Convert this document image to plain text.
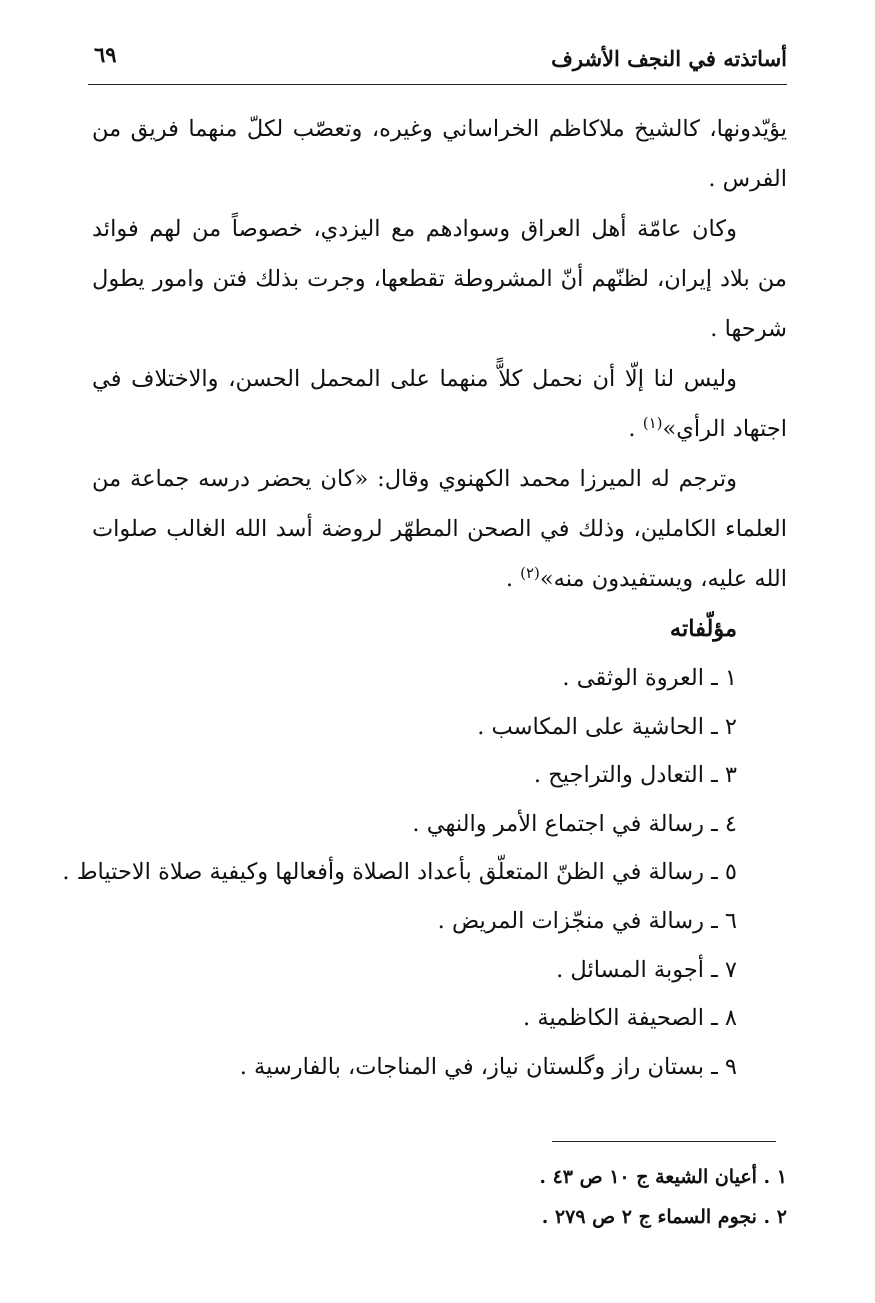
أساتذته في النجف الأشرف
٦٩

يؤيّدونها، كالشيخ ملاكاظم الخراساني وغيره، وتعصّب لكلّ منهما فريق من الفرس .

وكان عامّة أهل العراق وسوادهم مع اليزدي، خصوصاً من لهم فوائد من بلاد إيران، لظنّهم أنّ المشروطة تقطعها، وجرت بذلك فتن وامور يطول شرحها .

وليس لنا إلّا أن نحمل كلاًّ منهما على المحمل الحسن، والاختلاف في اجتهاد الرأي»$^{(١)}$ .

وترجم له الميرزا محمد الكهنوي وقال: «كان يحضر درسه جماعة من العلماء الكاملين، وذلك في الصحن المطهّر لروضة أسد الله الغالب صلوات الله عليه، ويستفيدون منه»$^{(٢)}$ .

مؤلّفاته

١ ـ العروة الوثقى .
٢ ـ الحاشية على المكاسب .
٣ ـ التعادل والتراجيح .
٤ ـ رسالة في اجتماع الأمر والنهي .
٥ ـ رسالة في الظنّ المتعلّق بأعداد الصلاة وأفعالها وكيفية صلاة الاحتياط .
٦ ـ رسالة في منجّزات المريض .
٧ ـ أجوبة المسائل .
٨ ـ الصحيفة الكاظمية .
٩ ـ بستان راز وگلستان نياز، في المناجات، بالفارسية .
١ . أعيان الشيعة ج ١٠ ص ٤٣ .
٢ . نجوم السماء ج ٢ ص ٢٧٩ .
